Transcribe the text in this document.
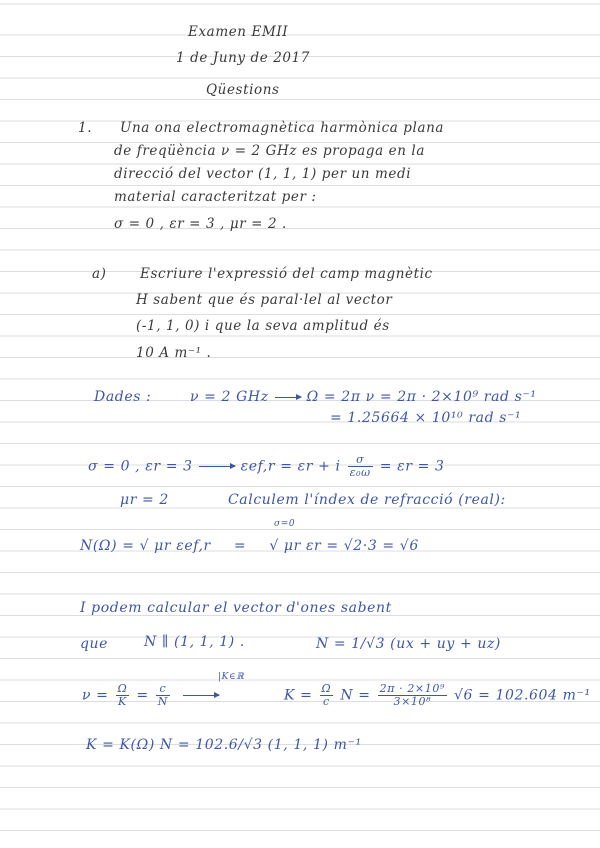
Examen EMII
1 de Juny de 2017
Qüestions
1. Una ona electromagnètica harmònica plana
de freqüència ν = 2 GHz es propaga en la
direcció del vector (1, 1, 1) per un medi
material caracteritzat per :
σ = 0 , εr = 3 , μr = 2 .
a) Escriure l'expressió del camp magnètic
H sabent que és paral·lel al vector
(-1, 1, 0) i que la seva amplitud és
10 A m⁻¹ .
Dades :	ν = 2 GHz	Ω = 2π ν = 2π · 2×10⁹ rad s⁻¹
= 1.25664 × 10¹⁰ rad s⁻¹
σ = 0 , εr = 3	εef,r = εr + i $\frac{\sigma}{\text{ε₀ω}} = \varepsilon r = 3$
μr = 2	Calculem l'índex de refracció (real):
σ=0
N(Ω) = √ μr εef,r = √ μr εr = √2·3 = √6
I podem calcular el vector d'ones sabent
que	N ∥ (1, 1, 1) .	N = 1/√3 (ux + uy + uz)
|K∈ℝ
$\nu = \frac{\Omega}{K} = \frac{c}{N}$
	$K = \frac{\Omega}{c}$ $N = \frac{\text{2π · 2×10⁹}}{\text{3×10⁸}} √6 = 102.604$ m⁻¹
K = K(Ω) N = 102.6/√3 (1, 1, 1) m⁻¹
